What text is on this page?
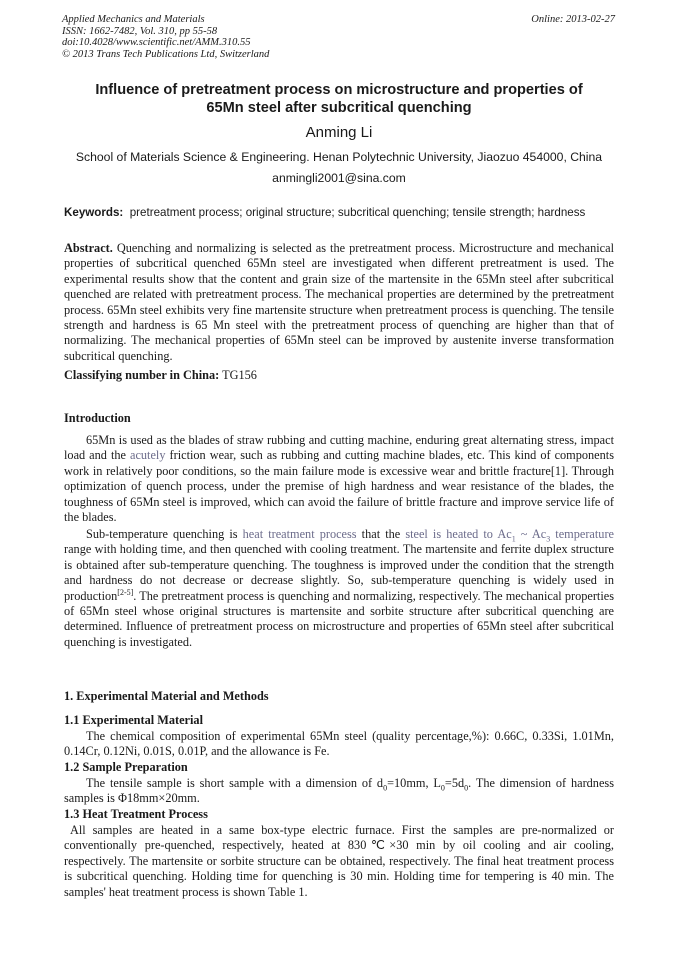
Applied Mechanics and Materials
ISSN: 1662-7482, Vol. 310, pp 55-58
doi:10.4028/www.scientific.net/AMM.310.55
© 2013 Trans Tech Publications Ltd, Switzerland
Online: 2013-02-27
Influence of pretreatment process on microstructure and properties of
65Mn steel after subcritical quenching
Anming Li
School of Materials Science & Engineering. Henan Polytechnic University, Jiaozuo 454000, China
anmingli2001@sina.com
Keywords: pretreatment process; original structure; subcritical quenching; tensile strength; hardness
Abstract. Quenching and normalizing is selected as the pretreatment process. Microstructure and mechanical properties of subcritical quenched 65Mn steel are investigated when different pretreatment is used. The experimental results show that the content and grain size of the martensite in the 65Mn steel after subcritical quenched are related with pretreatment process. The mechanical properties are determined by the pretreatment process. 65Mn steel exhibits very fine martensite structure when pretreatment process is quenching. The tensile strength and hardness is 65 Mn steel with the pretreatment process of quenching are higher than that of normalizing. The mechanical properties of 65Mn steel can be improved by austenite inverse transformation subcritical quenching.
Classifying number in China: TG156
Introduction
65Mn is used as the blades of straw rubbing and cutting machine, enduring great alternating stress, impact load and the acutely friction wear, such as rubbing and cutting machine blades, etc. This kind of components work in relatively poor conditions, so the main failure mode is excessive wear and brittle fracture[1]. Through optimization of quench process, under the premise of high hardness and wear resistance of the blades, the toughness of 65Mn steel is improved, which can avoid the failure of brittle fracture and improve service life of the blades.
Sub-temperature quenching is heat treatment process that the steel is heated to $Ac_1$ ~ $Ac_3$ temperature range with holding time, and then quenched with cooling treatment. The martensite and ferrite duplex structure is obtained after sub-temperature quenching. The toughness is improved under the condition that the strength and hardness do not decrease or decrease slightly. So, sub-temperature quenching is widely used in production[2-5]. The pretreatment process is quenching and normalizing, respectively. The mechanical properties of 65Mn steel whose original structures is martensite and sorbite structure after subcritical quenching are determined. Influence of pretreatment process on microstructure and properties of 65Mn steel after subcritical quenching is investigated.
1. Experimental Material and Methods
1.1 Experimental Material
The chemical composition of experimental 65Mn steel (quality percentage,%): 0.66C, 0.33Si, 1.01Mn, 0.14Cr, 0.12Ni, 0.01S, 0.01P, and the allowance is Fe.
1.2 Sample Preparation
The tensile sample is short sample with a dimension of $d_0=10mm$, $L_0=5d_0$. The dimension of hardness samples is Φ18mm×20mm.
1.3 Heat Treatment Process
All samples are heated in a same box-type electric furnace. First the samples are pre-normalized or conventionally pre-quenched, respectively, heated at 830℃×30 min by oil cooling and air cooling, respectively. The martensite or sorbite structure can be obtained, respectively. The final heat treatment process is subcritical quenching. Holding time for quenching is 30 min. Holding time for tempering is 40 min. The samples' heat treatment process is shown Table 1.
